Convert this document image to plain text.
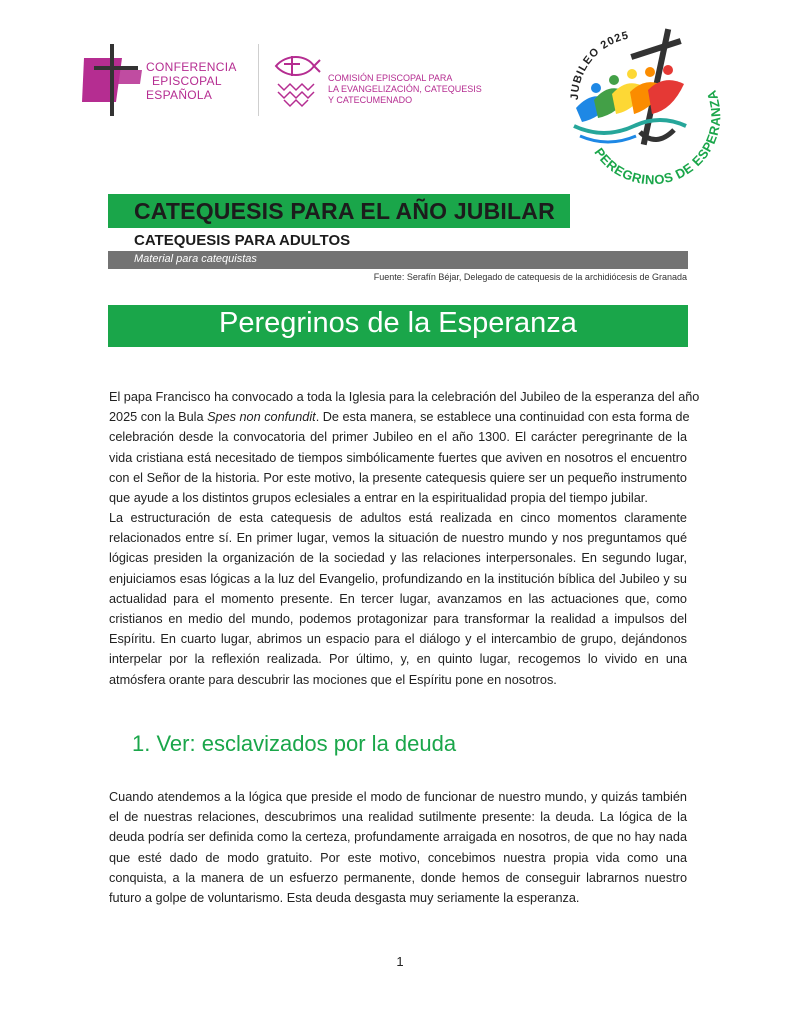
CONFERENCIA
EPISCOPAL
ESPAÑOLA
COMISIÓN EPISCOPAL PARA
LA EVANGELIZACIÓN, CATEQUESIS
Y CATECUMENADO	JUBILEO 2025
PEREGRINOS DE ESPERANZA
CATEQUESIS PARA EL AÑO JUBILAR
CATEQUESIS PARA ADULTOS
Material para catequistas
Fuente: Serafín Béjar, Delegado de catequesis de la archidiócesis de Granada
Peregrinos de la Esperanza
El papa Francisco ha convocado a toda la Iglesia para la celebración del Jubileo de la esperanza del año
2025 con la Bula Spes non confundit. De esta manera, se establece una continuidad con esta forma de
celebración desde la convocatoria del primer Jubileo en el año 1300. El carácter peregrinante de la
vida cristiana está necesitado de tiempos simbólicamente fuertes que aviven en nosotros el encuentro
con el Señor de la historia. Por este motivo, la presente catequesis quiere ser un pequeño instrumento
que ayude a los distintos grupos eclesiales a entrar en la espiritualidad propia del tiempo jubilar.
La estructuración de esta catequesis de adultos está realizada en cinco momentos claramente
relacionados entre sí. En primer lugar, vemos la situación de nuestro mundo y nos preguntamos qué
lógicas presiden la organización de la sociedad y las relaciones interpersonales. En segundo lugar,
enjuiciamos esas lógicas a la luz del Evangelio, profundizando en la institución bíblica del Jubileo y su
actualidad para el momento presente. En tercer lugar, avanzamos en las actuaciones que, como
cristianos en medio del mundo, podemos protagonizar para transformar la realidad a impulsos del
Espíritu. En cuarto lugar, abrimos un espacio para el diálogo y el intercambio de grupo, dejándonos
interpelar por la reflexión realizada. Por último, y, en quinto lugar, recogemos lo vivido en una
atmósfera orante para descubrir las mociones que el Espíritu pone en nosotros.
1. Ver: esclavizados por la deuda
Cuando atendemos a la lógica que preside el modo de funcionar de nuestro mundo, y quizás también
el de nuestras relaciones, descubrimos una realidad sutilmente presente: la deuda. La lógica de la
deuda podría ser definida como la certeza, profundamente arraigada en nosotros, de que no hay nada
que esté dado de modo gratuito. Por este motivo, concebimos nuestra propia vida como una
conquista, a la manera de un esfuerzo permanente, donde hemos de conseguir labrarnos nuestro
futuro a golpe de voluntarismo. Esta deuda desgasta muy seriamente la esperanza.
1
